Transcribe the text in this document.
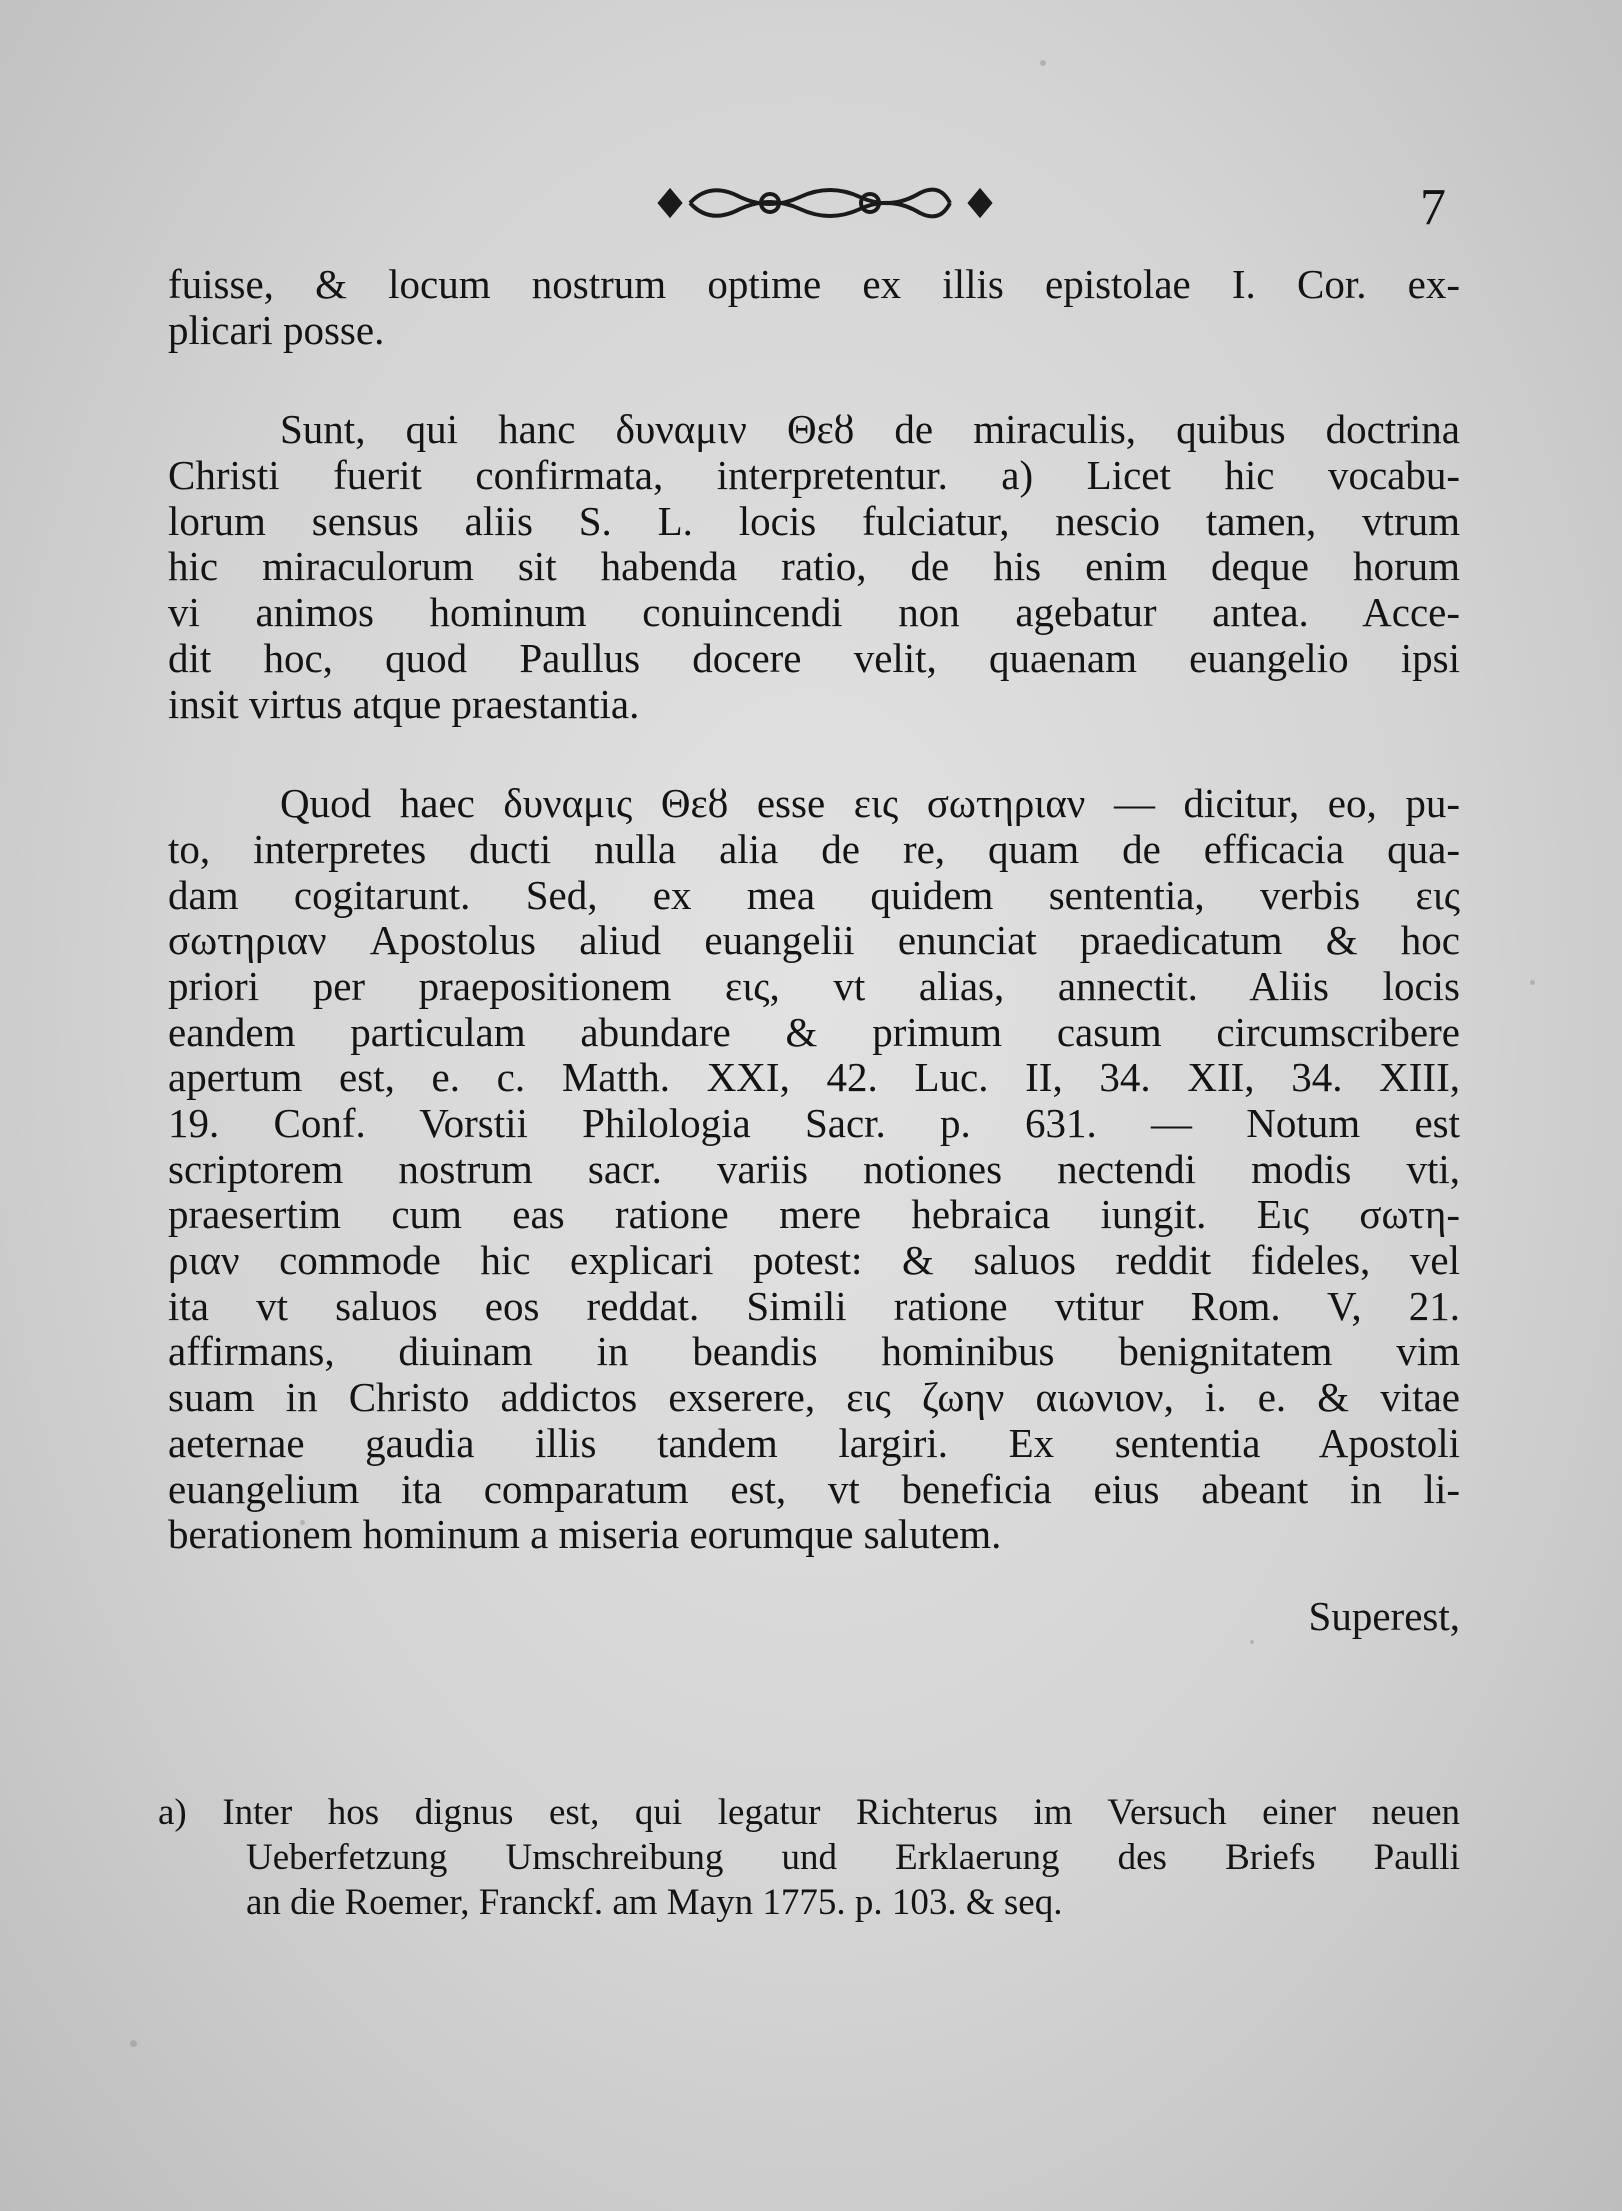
7
fuisse, & locum nostrum optime ex illis epistolae I. Cor. ex-
plicari posse.
Sunt, qui hanc δυναμιν Θεȣ de miraculis, quibus doctrina
Christi fuerit confirmata, interpretentur. a) Licet hic vocabu-
lorum sensus aliis S. L. locis fulciatur, nescio tamen, vtrum
hic miraculorum sit habenda ratio, de his enim deque horum
vi animos hominum conuincendi non agebatur antea. Acce-
dit hoc, quod Paullus docere velit, quaenam euangelio ipsi
insit virtus atque praestantia.
Quod haec δυναμις Θεȣ esse εις σωτηριαν — dicitur, eo, pu-
to, interpretes ducti nulla alia de re, quam de efficacia qua-
dam cogitarunt. Sed, ex mea quidem sententia, verbis εις
σωτηριαν Apostolus aliud euangelii enunciat praedicatum & hoc
priori per praepositionem εις, vt alias, annectit. Aliis locis
eandem particulam abundare & primum casum circumscribere
apertum est, e. c. Matth. XXI, 42. Luc. II, 34. XII, 34. XIII,
19. Conf. Vorstii Philologia Sacr. p. 631. — Notum est
scriptorem nostrum sacr. variis notiones nectendi modis vti,
praesertim cum eas ratione mere hebraica iungit. Εις σωτη-
ριαν commode hic explicari potest: & saluos reddit fideles, vel
ita vt saluos eos reddat. Simili ratione vtitur Rom. V, 21.
affirmans, diuinam in beandis hominibus benignitatem vim
suam in Christo addictos exserere, εις ζωην αιωνιον, i. e. & vitae
aeternae gaudia illis tandem largiri. Ex sententia Apostoli
euangelium ita comparatum est, vt beneficia eius abeant in li-
berationem hominum a miseria eorumque salutem.
Superest,
a) Inter hos dignus est, qui legatur Richterus im Versuch einer neuen
Ueberfetzung Umschreibung und Erklaerung des Briefs Paulli
an die Roemer, Franckf. am Mayn 1775. p. 103. & seq.
